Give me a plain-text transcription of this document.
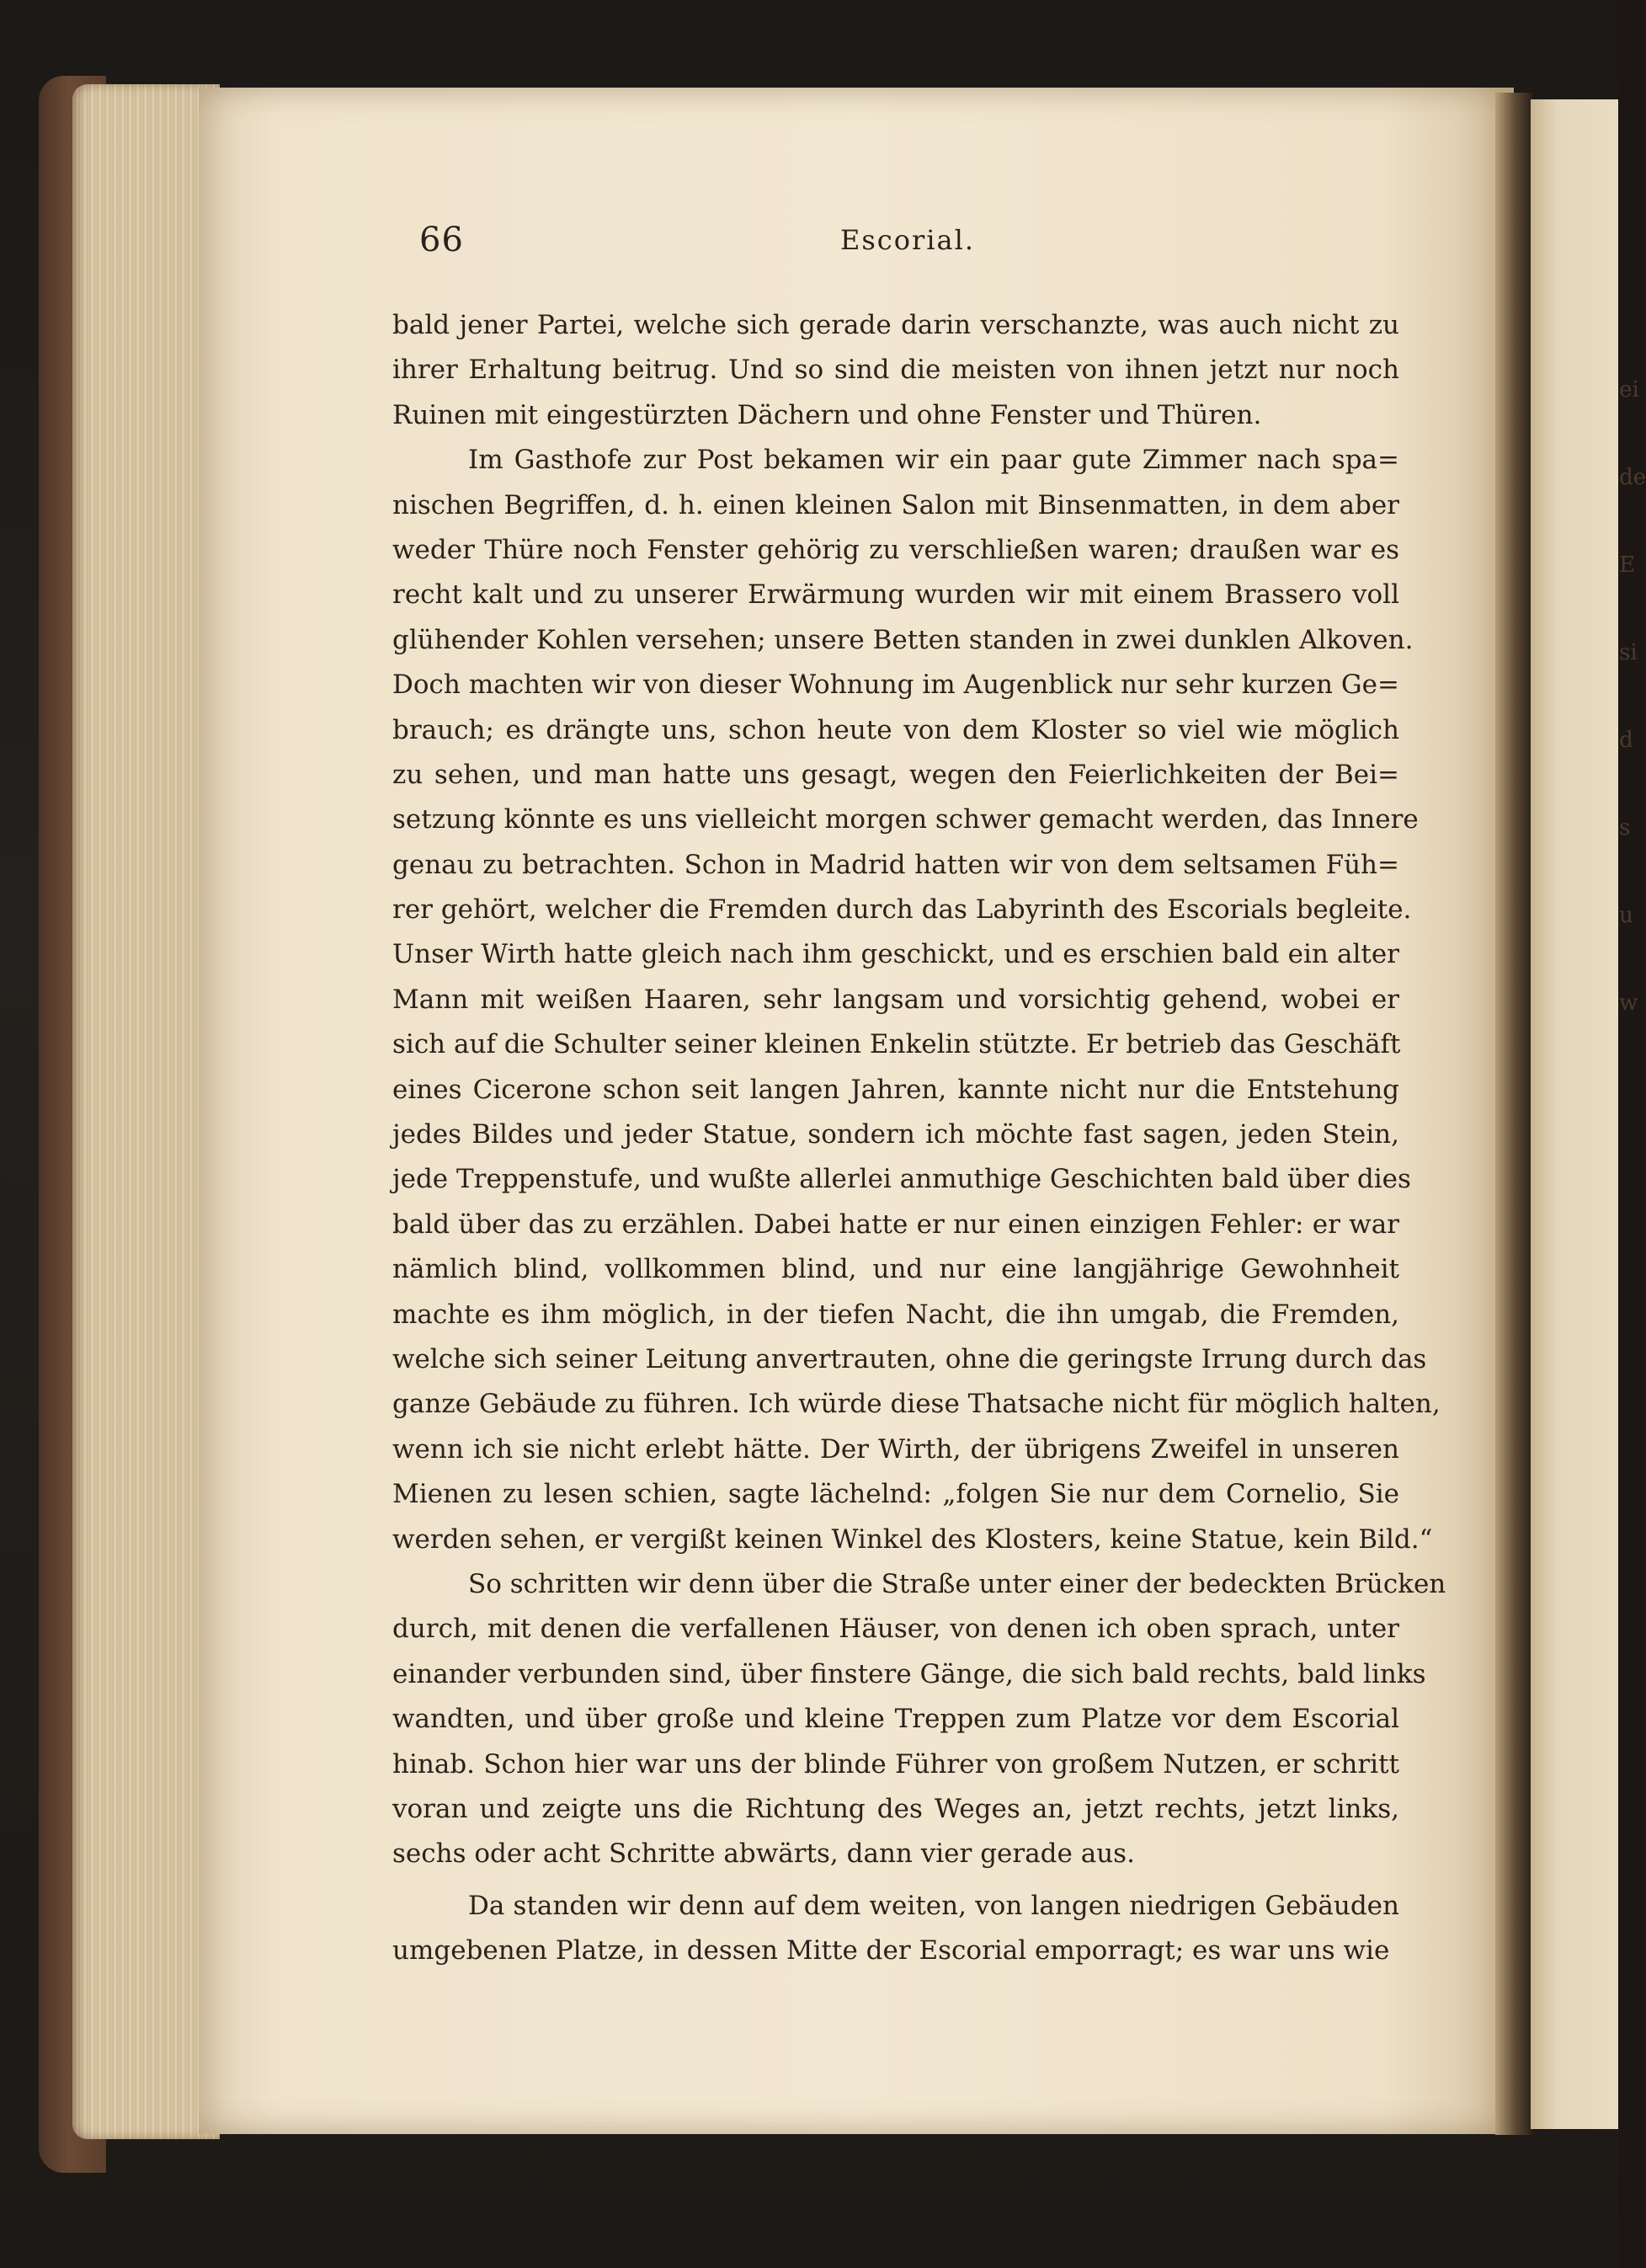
ei

de

E

si

d

s

u

w

66	Escorial.
bald jener Partei, welche sich gerade darin verschanzte, was auch nicht zu
ihrer Erhaltung beitrug. Und so sind die meisten von ihnen jetzt nur noch
Ruinen mit eingestürzten Dächern und ohne Fenster und Thüren.
Im Gasthofe zur Post bekamen wir ein paar gute Zimmer nach spa=
nischen Begriffen, d. h. einen kleinen Salon mit Binsenmatten, in dem aber
weder Thüre noch Fenster gehörig zu verschließen waren; draußen war es
recht kalt und zu unserer Erwärmung wurden wir mit einem Brassero voll
glühender Kohlen versehen; unsere Betten standen in zwei dunklen Alkoven.
Doch machten wir von dieser Wohnung im Augenblick nur sehr kurzen Ge=
brauch; es drängte uns, schon heute von dem Kloster so viel wie möglich
zu sehen, und man hatte uns gesagt, wegen den Feierlichkeiten der Bei=
setzung könnte es uns vielleicht morgen schwer gemacht werden, das Innere
genau zu betrachten. Schon in Madrid hatten wir von dem seltsamen Füh=
rer gehört, welcher die Fremden durch das Labyrinth des Escorials begleite.
Unser Wirth hatte gleich nach ihm geschickt, und es erschien bald ein alter
Mann mit weißen Haaren, sehr langsam und vorsichtig gehend, wobei er
sich auf die Schulter seiner kleinen Enkelin stützte. Er betrieb das Geschäft
eines Cicerone schon seit langen Jahren, kannte nicht nur die Entstehung
jedes Bildes und jeder Statue, sondern ich möchte fast sagen, jeden Stein,
jede Treppenstufe, und wußte allerlei anmuthige Geschichten bald über dies
bald über das zu erzählen. Dabei hatte er nur einen einzigen Fehler: er war
nämlich blind, vollkommen blind, und nur eine langjährige Gewohnheit
machte es ihm möglich, in der tiefen Nacht, die ihn umgab, die Fremden,
welche sich seiner Leitung anvertrauten, ohne die geringste Irrung durch das
ganze Gebäude zu führen. Ich würde diese Thatsache nicht für möglich halten,
wenn ich sie nicht erlebt hätte. Der Wirth, der übrigens Zweifel in unseren
Mienen zu lesen schien, sagte lächelnd: „folgen Sie nur dem Cornelio, Sie
werden sehen, er vergißt keinen Winkel des Klosters, keine Statue, kein Bild.“
So schritten wir denn über die Straße unter einer der bedeckten Brücken
durch, mit denen die verfallenen Häuser, von denen ich oben sprach, unter
einander verbunden sind, über finstere Gänge, die sich bald rechts, bald links
wandten, und über große und kleine Treppen zum Platze vor dem Escorial
hinab. Schon hier war uns der blinde Führer von großem Nutzen, er schritt
voran und zeigte uns die Richtung des Weges an, jetzt rechts, jetzt links,
sechs oder acht Schritte abwärts, dann vier gerade aus.
Da standen wir denn auf dem weiten, von langen niedrigen Gebäuden
umgebenen Platze, in dessen Mitte der Escorial emporragt; es war uns wie
